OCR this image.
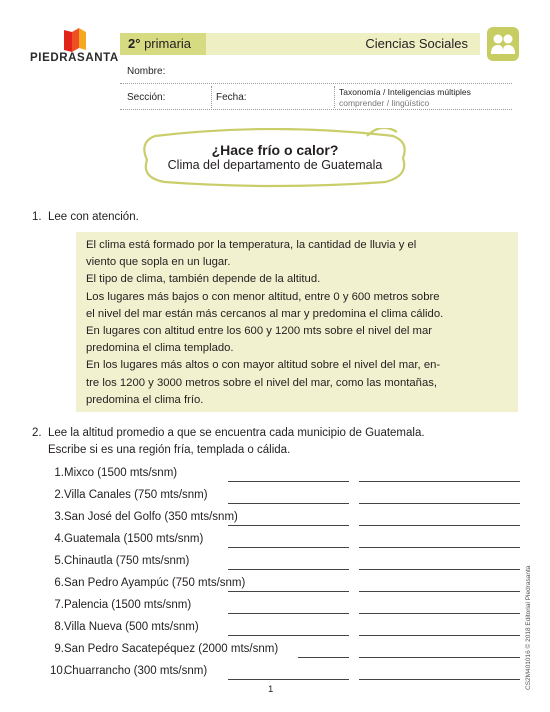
PIEDRASANTA
2° primaria	Ciencias Sociales
Nombre:
Sección:	Fecha:	Taxonomía / Inteligencias múltiples
comprender / lingüístico
¿Hace frío o calor?
Clima del departamento de Guatemala
1. Lee con atención.
El clima está formado por la temperatura, la cantidad de lluvia y el
viento que sopla en un lugar.
El tipo de clima, también depende de la altitud.
Los lugares más bajos o con menor altitud, entre 0 y 600 metros sobre
el nivel del mar están más cercanos al mar y predomina el clima cálido.
En lugares con altitud entre los 600 y 1200 mts sobre el nivel del mar
predomina el clima templado.
En los lugares más altos o con mayor altitud sobre el nivel del mar, en-
tre los 1200 y 3000 metros sobre el nivel del mar, como las montañas,
predomina el clima frío.
2. Lee la altitud promedio a que se encuentra cada municipio de Guatemala.
Escribe si es una región fría, templada o cálida.
1. Mixco (1500 mts/snm)
2. Villa Canales (750 mts/snm)
3. San José del Golfo (350 mts/snm)
4. Guatemala (1500 mts/snm)
5. Chinautla (750 mts/snm)
6. San Pedro Ayampúc (750 mts/snm)
7. Palencia (1500 mts/snm)
8. Villa Nueva (500 mts/snm)
9. San Pedro Sacatepéquez (2000 mts/snm)
10.
Chuarrancho (300 mts/snm)
1	CS2M401016 © 2018 Editorial Piedrasanta
